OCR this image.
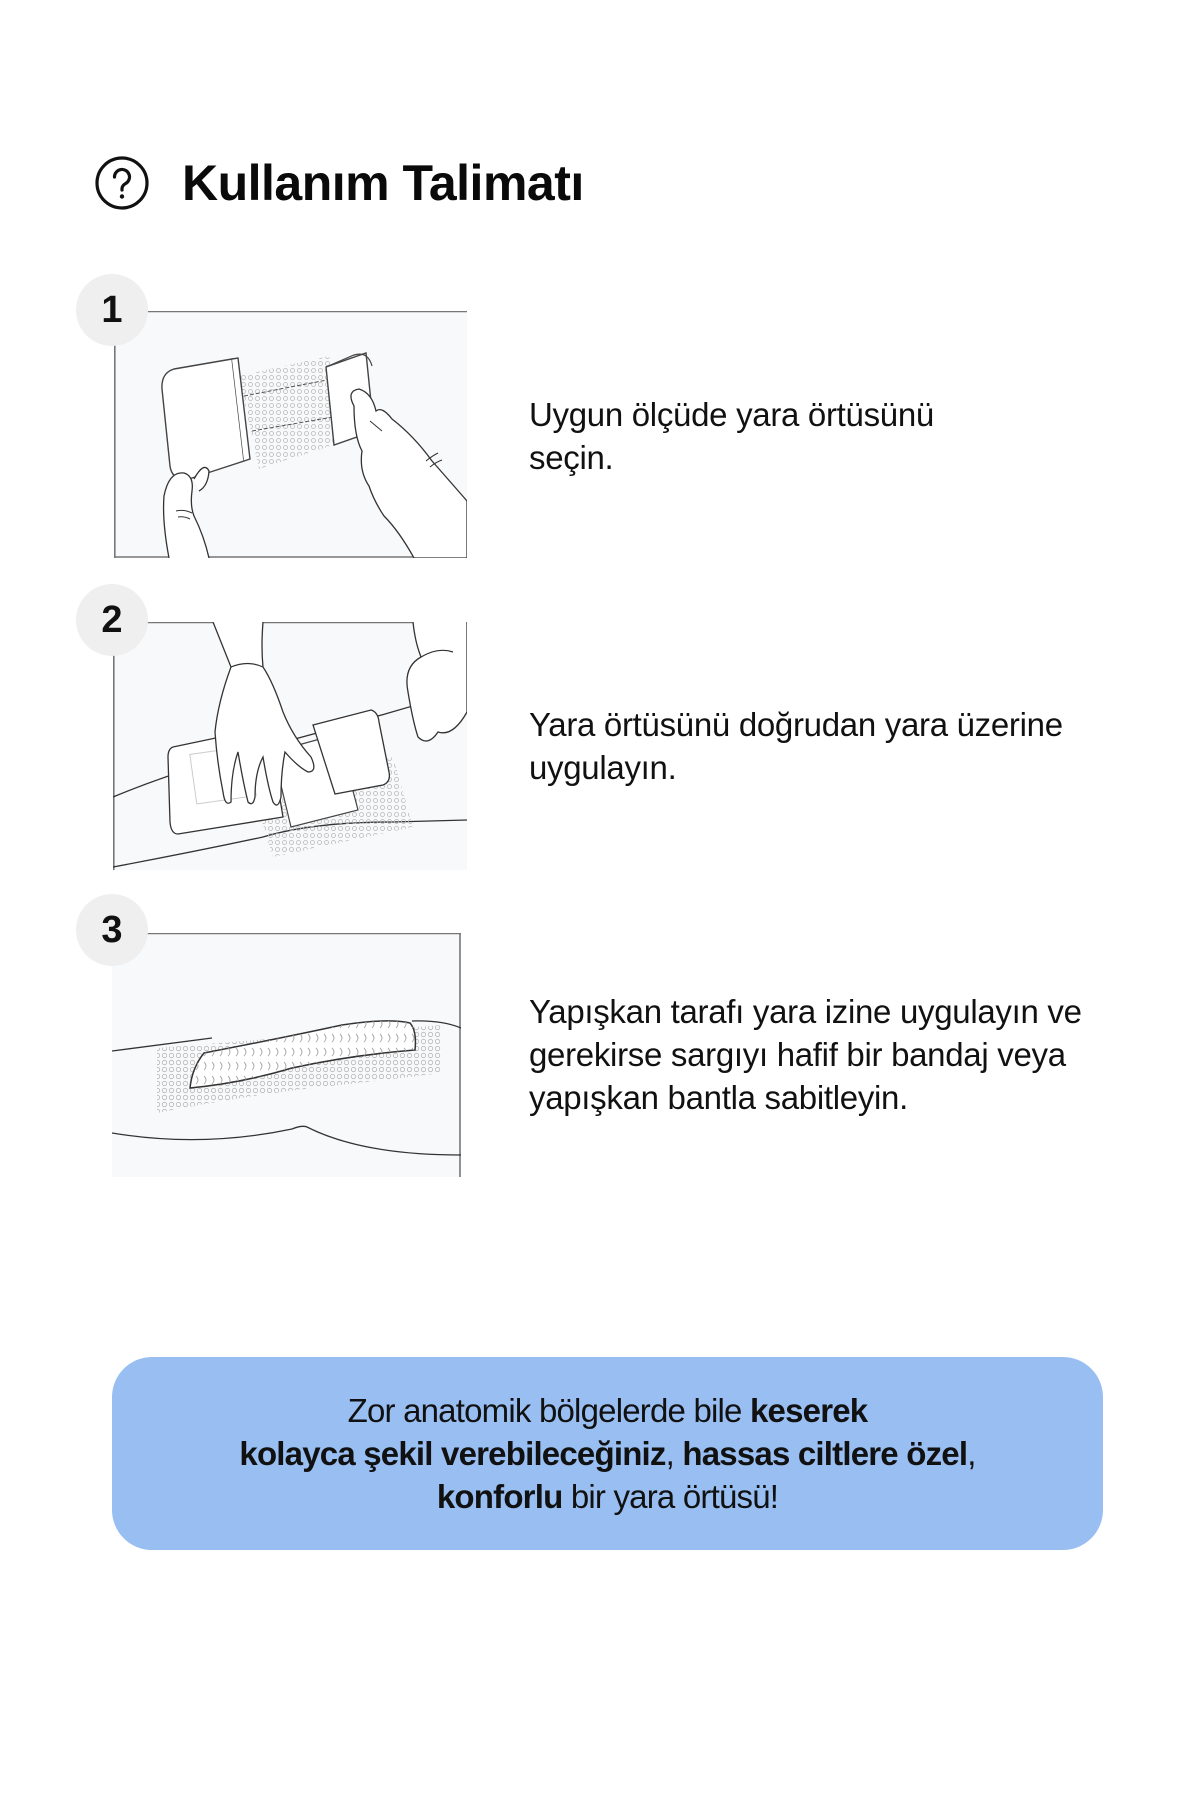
Kullanım Talimatı
1
Uygun ölçüde yara örtüsünü seçin.
2
Yara örtüsünü doğrudan yara üzerine uygulayın.
3
Yapışkan tarafı yara izine uygulayın ve gerekirse sargıyı hafif bir bandaj veya yapışkan bantla sabitleyin.
Zor anatomik bölgelerde bile keserek
kolayca şekil verebileceğiniz, hassas ciltlere özel,
konforlu bir yara örtüsü!
